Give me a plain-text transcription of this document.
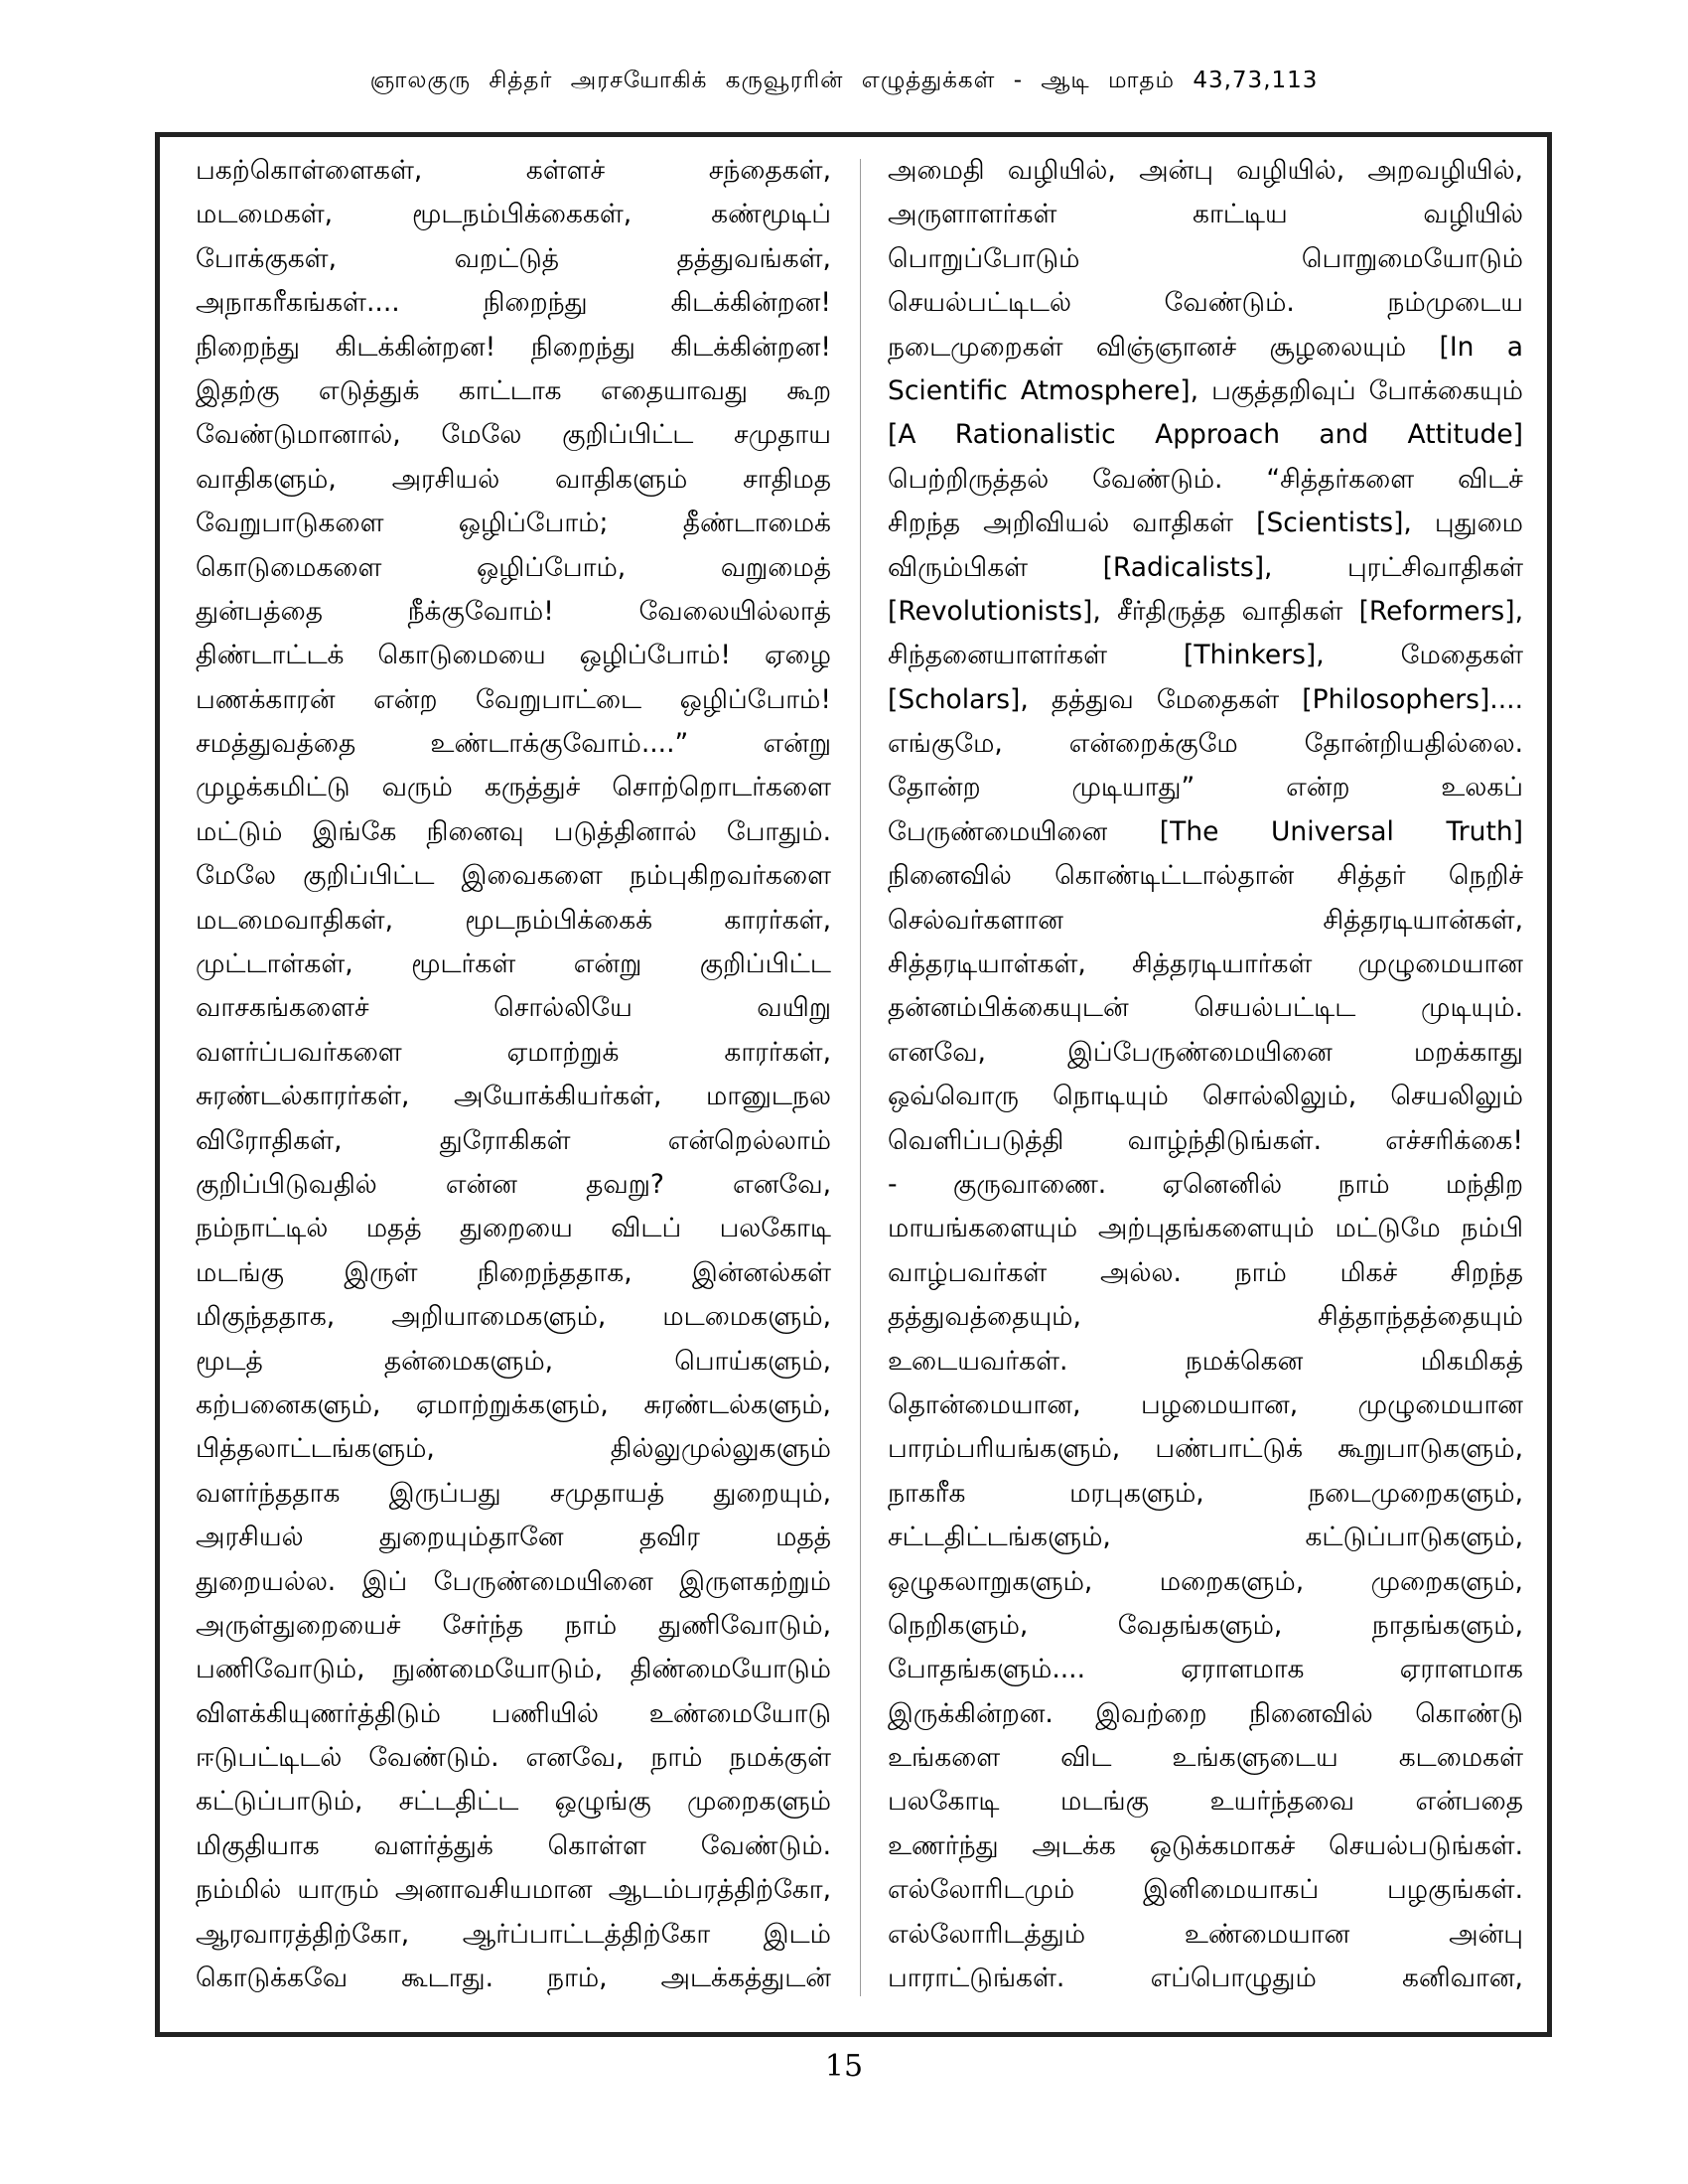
ஞாலகுரு சித்தர் அரசயோகிக் கருவூரரின் எழுத்துக்கள் - ஆடி மாதம் 43,73,113
பகற்கொள்ளைகள், கள்ளச் சந்தைகள்,
மடமைகள், மூடநம்பிக்கைகள், கண்மூடிப்
போக்குகள், வறட்டுத் தத்துவங்கள்,
அநாகரீகங்கள்.... நிறைந்து கிடக்கின்றன!
நிறைந்து கிடக்கின்றன! நிறைந்து கிடக்கின்றன!
இதற்கு எடுத்துக் காட்டாக எதையாவது கூற
வேண்டுமானால், மேலே குறிப்பிட்ட சமுதாய
வாதிகளும், அரசியல் வாதிகளும் சாதிமத
வேறுபாடுகளை ஒழிப்போம்; தீண்டாமைக்
கொடுமைகளை ஒழிப்போம், வறுமைத்
துன்பத்தை நீக்குவோம்! வேலையில்லாத்
திண்டாட்டக் கொடுமையை ஒழிப்போம்! ஏழை
பணக்காரன் என்ற வேறுபாட்டை ஒழிப்போம்!
சமத்துவத்தை உண்டாக்குவோம்....” என்று
முழக்கமிட்டு வரும் கருத்துச் சொற்றொடர்களை
மட்டும் இங்கே நினைவு படுத்தினால் போதும்.
மேலே குறிப்பிட்ட இவைகளை நம்புகிறவர்களை
மடமைவாதிகள், மூடநம்பிக்கைக் காரர்கள்,
முட்டாள்கள், மூடர்கள் என்று குறிப்பிட்ட
வாசகங்களைச் சொல்லியே வயிறு
வளர்ப்பவர்களை ஏமாற்றுக் காரர்கள்,
சுரண்டல்காரர்கள், அயோக்கியர்கள், மானுடநல
விரோதிகள், துரோகிகள் என்றெல்லாம்
குறிப்பிடுவதில் என்ன தவறு? எனவே,
நம்நாட்டில் மதத் துறையை விடப் பலகோடி
மடங்கு இருள் நிறைந்ததாக, இன்னல்கள்
மிகுந்ததாக, அறியாமைகளும், மடமைகளும்,
மூடத் தன்மைகளும், பொய்களும்,
கற்பனைகளும், ஏமாற்றுக்களும், சுரண்டல்களும்,
பித்தலாட்டங்களும், தில்லுமுல்லுகளும்
வளர்ந்ததாக இருப்பது சமுதாயத் துறையும்,
அரசியல் துறையும்தானே தவிர மதத்
துறையல்ல. இப் பேருண்மையினை இருளகற்றும்
அருள்துறையைச் சேர்ந்த நாம் துணிவோடும்,
பணிவோடும், நுண்மையோடும், திண்மையோடும்
விளக்கியுணர்த்திடும் பணியில் உண்மையோடு
ஈடுபட்டிடல் வேண்டும். எனவே, நாம் நமக்குள்
கட்டுப்பாடும், சட்டதிட்ட ஒழுங்கு முறைகளும்
மிகுதியாக வளர்த்துக் கொள்ள வேண்டும்.
நம்மில் யாரும் அனாவசியமான ஆடம்பரத்திற்கோ,
ஆரவாரத்திற்கோ, ஆர்ப்பாட்டத்திற்கோ இடம்
கொடுக்கவே கூடாது. நாம், அடக்கத்துடன்
அமைதி வழியில், அன்பு வழியில், அறவழியில்,
அருளாளர்கள் காட்டிய வழியில்
பொறுப்போடும் பொறுமையோடும்
செயல்பட்டிடல் வேண்டும். நம்முடைய
நடைமுறைகள் விஞ்ஞானச் சூழலையும் [In a
Scientific Atmosphere], பகுத்தறிவுப் போக்கையும்
[A Rationalistic Approach and Attitude]
பெற்றிருத்தல் வேண்டும். “சித்தர்களை விடச்
சிறந்த அறிவியல் வாதிகள் [Scientists], புதுமை
விரும்பிகள் [Radicalists], புரட்சிவாதிகள்
[Revolutionists], சீர்திருத்த வாதிகள் [Reformers],
சிந்தனையாளர்கள் [Thinkers], மேதைகள்
[Scholars], தத்துவ மேதைகள் [Philosophers]....
எங்குமே, என்றைக்குமே தோன்றியதில்லை.
தோன்ற முடியாது” என்ற உலகப்
பேருண்மையினை [The Universal Truth]
நினைவில் கொண்டிட்டால்தான் சித்தர் நெறிச்
செல்வர்களான சித்தரடியான்கள்,
சித்தரடியாள்கள், சித்தரடியார்கள் முழுமையான
தன்னம்பிக்கையுடன் செயல்பட்டிட முடியும்.
எனவே, இப்பேருண்மையினை மறக்காது
ஒவ்வொரு நொடியும் சொல்லிலும், செயலிலும்
வெளிப்படுத்தி வாழ்ந்திடுங்கள். எச்சரிக்கை!
- குருவாணை. ஏனெனில் நாம் மந்திற
மாயங்களையும் அற்புதங்களையும் மட்டுமே நம்பி
வாழ்பவர்கள் அல்ல. நாம் மிகச் சிறந்த
தத்துவத்தையும், சித்தாந்தத்தையும்
உடையவர்கள். நமக்கென மிகமிகத்
தொன்மையான, பழமையான, முழுமையான
பாரம்பரியங்களும், பண்பாட்டுக் கூறுபாடுகளும்,
நாகரீக மரபுகளும், நடைமுறைகளும்,
சட்டதிட்டங்களும், கட்டுப்பாடுகளும்,
ஒழுகலாறுகளும், மறைகளும், முறைகளும்,
நெறிகளும், வேதங்களும், நாதங்களும்,
போதங்களும்.... ஏராளமாக ஏராளமாக
இருக்கின்றன. இவற்றை நினைவில் கொண்டு
உங்களை விட உங்களுடைய கடமைகள்
பலகோடி மடங்கு உயர்ந்தவை என்பதை
உணர்ந்து அடக்க ஒடுக்கமாகச் செயல்படுங்கள்.
எல்லோரிடமும் இனிமையாகப் பழகுங்கள்.
எல்லோரிடத்தும் உண்மையான அன்பு
பாராட்டுங்கள். எப்பொழுதும் கனிவான,
15
